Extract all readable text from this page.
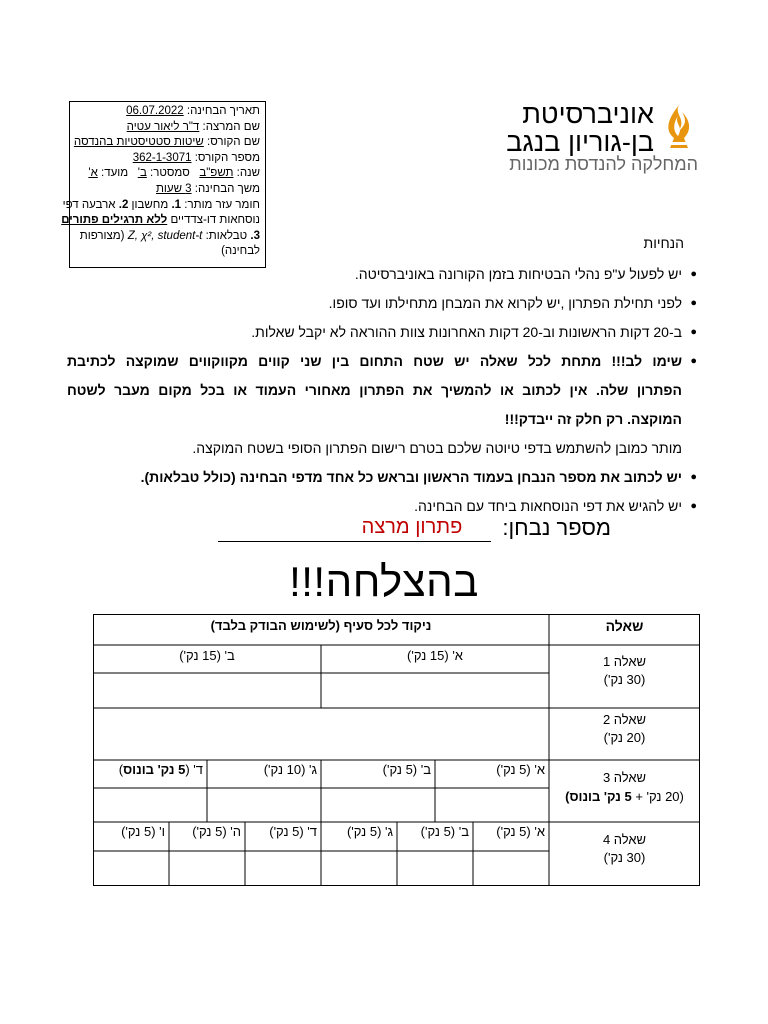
תאריך הבחינה: 06.07.2022
שם המרצה: ד"ר ליאור עטיה
שם הקורס: שיטות סטטיסטיות בהנדסה
מספר הקורס: 362-1-3071
שנה: תשפ"ב   סמסטר: ב'   מועד: א'
משך הבחינה: 3 שעות
חומר עזר מותר: 1. מחשבון 2. ארבעה דפי
נוסחאות דו-צדדיים ללא תרגילים פתורים
3. טבלאות: Z, χ², student-t (מצורפות
לבחינה)
אוניברסיטת
בן-גוריון בנגב
המחלקה להנדסת מכונות
הנחיות
●
יש לפעול ע"פ נהלי הבטיחות בזמן הקורונה באוניברסיטה.
●
לפני תחילת הפתרון ,יש לקרוא את המבחן מתחילתו ועד סופו.
●
ב-20 דקות הראשונות וב-20 דקות האחרונות צוות ההוראה לא יקבל שאלות.
●
שימו לב!!! מתחת לכל שאלה יש שטח התחום בין שני קווים מקווקווים שמוקצה לכתיבת
הפתרון שלה. אין לכתוב או להמשיך את הפתרון מאחורי העמוד או בכל מקום מעבר לשטח
המוקצה. רק חלק זה ייבדק!!!
מותר כמובן להשתמש בדפי טיוטה שלכם בטרם רישום הפתרון הסופי בשטח המוקצה.
●
יש לכתוב את מספר הנבחן בעמוד הראשון ובראש כל אחד מדפי הבחינה (כולל טבלאות).
●
יש להגיש את דפי הנוסחאות ביחד עם הבחינה.
מספר נבחן:
פתרון מרצה
בהצלחה!!!
שאלה
ניקוד לכל סעיף (לשימוש הבודק בלבד)
שאלה 1
(30 נק')
א' (15 נק')
ב' (15 נק')
שאלה 2
(20 נק')
שאלה 3
(20 נק' + 5 נק' בונוס)
א' (5 נק')
ב' (5 נק')
ג' (10 נק')
ד' (5 נק' בונוס)
שאלה 4
(30 נק')
א' (5 נק')
ב' (5 נק')
ג' (5 נק')
ד' (5 נק')
ה' (5 נק')
ו' (5 נק')
